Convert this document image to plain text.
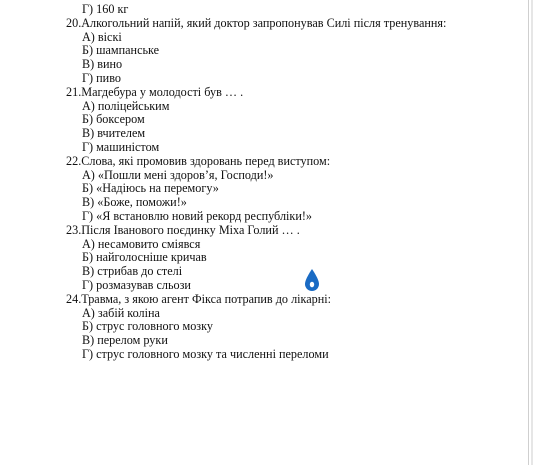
Г) 160 кг
20.Алкогольний напій, який доктор запропонував Силі після тренування:
А) віскі
Б) шампанське
В) вино
Г) пиво
21.Магдебура у молодості був … .
А) поліцейським
Б) боксером
В) вчителем
Г) машиністом
22.Слова, які промовив здоровань перед виступом:
А) «Пошли мені здоров’я, Господи!»
Б) «Надіюсь на перемогу»
В) «Боже, поможи!»
Г) «Я встановлю новий рекорд республіки!»
23.Після Іванового поєдинку Міха Голий … .
А) несамовито сміявся
Б) найголосніше кричав
В) стрибав до стелі
Г) розмазував сльози
24.Травма, з якою агент Фікса потрапив до лікарні:
А) забій коліна
Б) струс головного мозку
В) перелом руки
Г) струс головного мозку та численні переломи
